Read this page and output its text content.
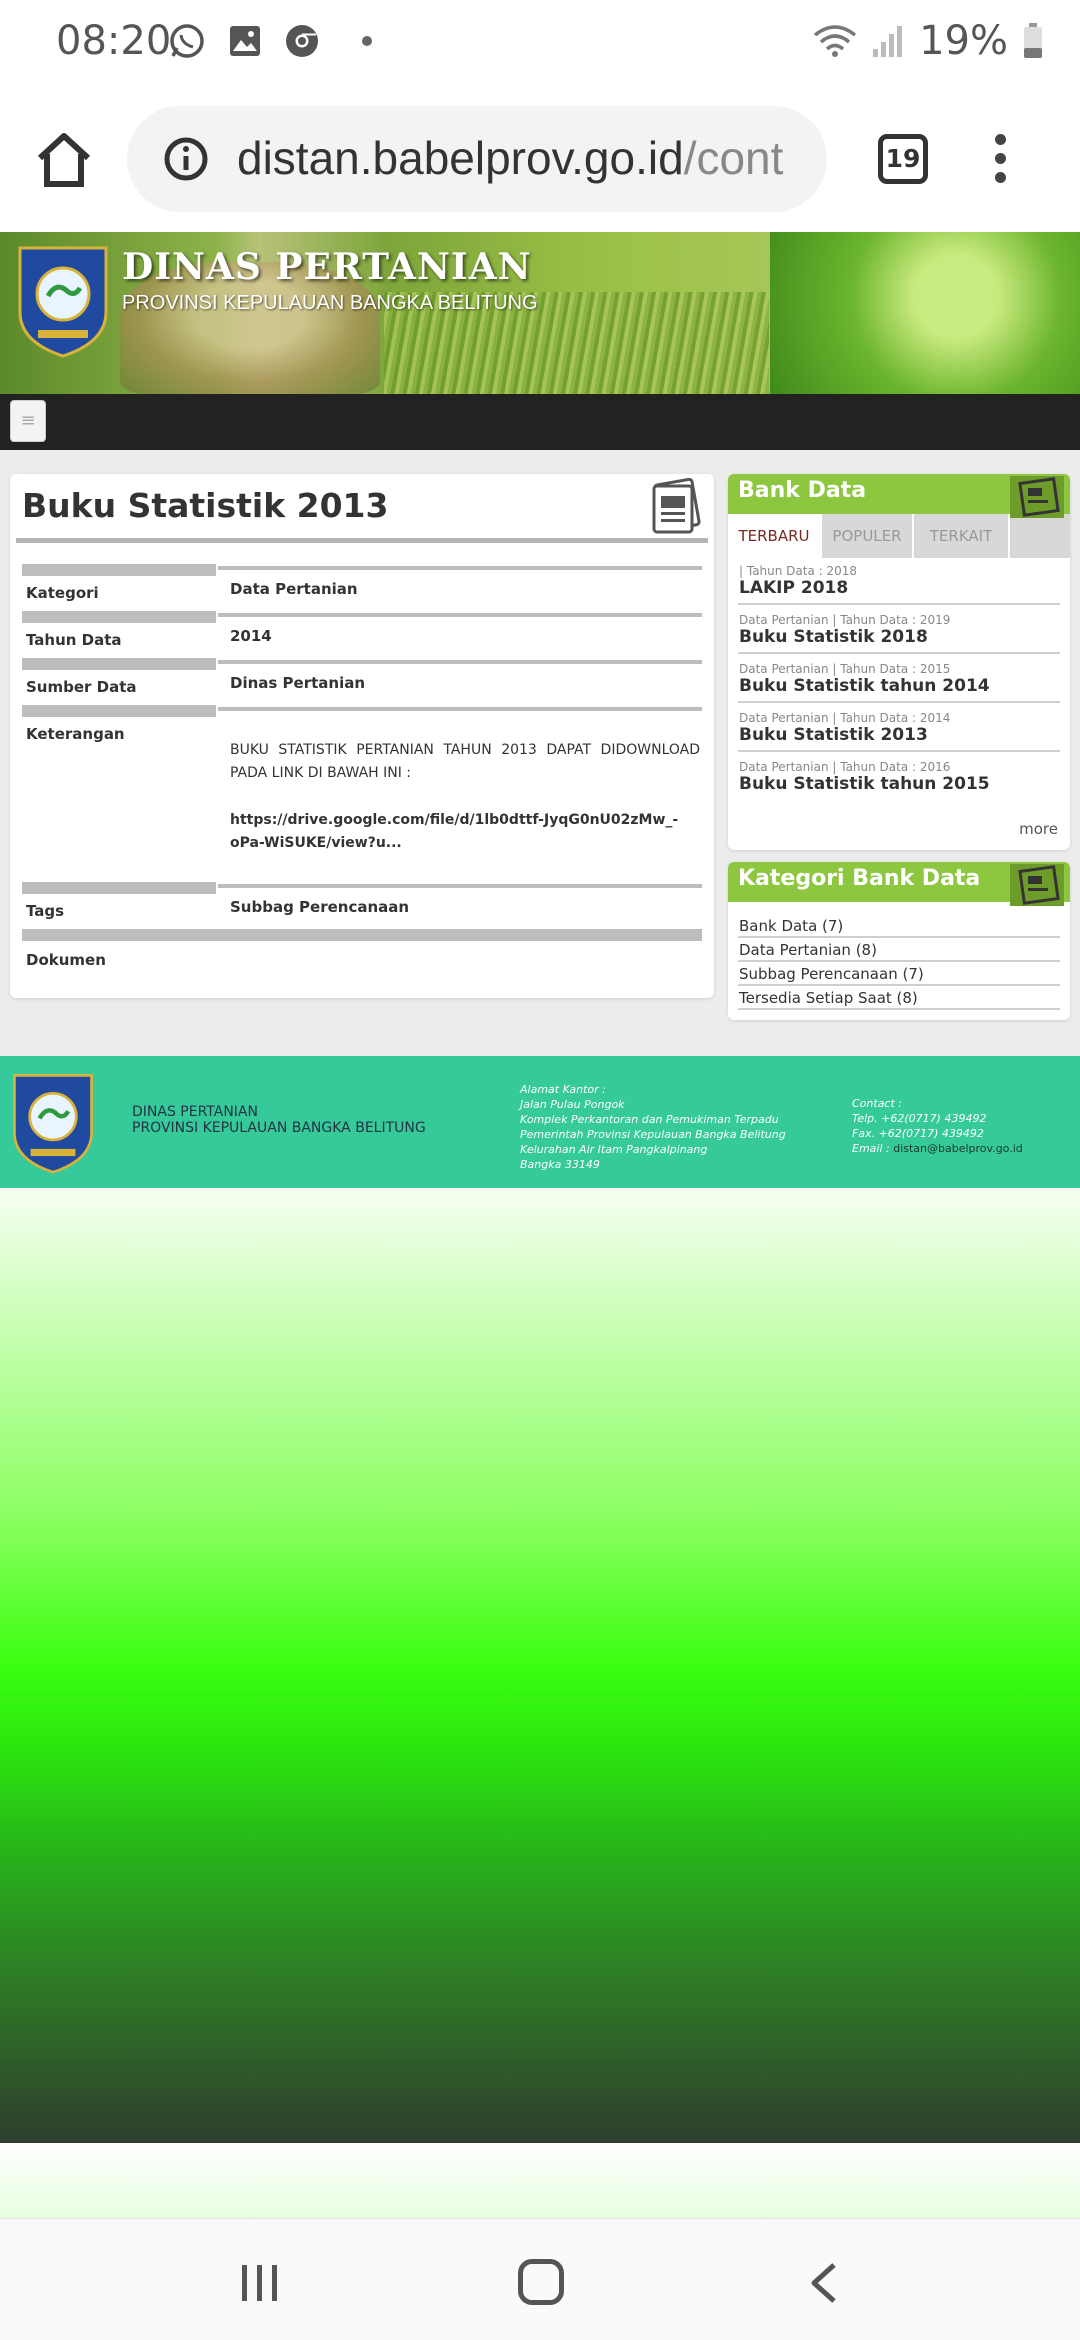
08:20	19%
distan.babelprov.go.id/cont	19
DINAS PERTANIAN
PROVINSI KEPULAUAN BANGKA BELITUNG
≡
Buku Statistik 2013
Kategori	Data Pertanian
Tahun Data	2014
Sumber Data	Dinas Pertanian
Keterangan
BUKU STATISTIK PERTANIAN TAHUN 2013 DAPAT DIDOWNLOAD PADA LINK DI BAWAH INI :
https://drive.google.com/file/d/1lb0dttf-JyqG0nU02zMw_-oPa-WiSUKE/view?u...
Tags	Subbag Perencanaan
Dokumen
Bank Data
TERBARU	POPULER	TERKAIT
| Tahun Data : 2018
LAKIP 2018
Data Pertanian | Tahun Data : 2019
Buku Statistik 2018
Data Pertanian | Tahun Data : 2015
Buku Statistik tahun 2014
Data Pertanian | Tahun Data : 2014
Buku Statistik 2013
Data Pertanian | Tahun Data : 2016
Buku Statistik tahun 2015
more
Kategori Bank Data
Bank Data (7)
Data Pertanian (8)
Subbag Perencanaan (7)
Tersedia Setiap Saat (8)
DINAS PERTANIAN
PROVINSI KEPULAUAN BANGKA BELITUNG
Alamat Kantor :
Jalan Pulau Pongok
Komplek Perkantoran dan Pemukiman Terpadu
Pemerintah Provinsi Kepulauan Bangka Belitung
Kelurahan Air Itam Pangkalpinang
Bangka 33149
Contact :
Telp. +62(0717) 439492
Fax. +62(0717) 439492
Email : distan@babelprov.go.id
